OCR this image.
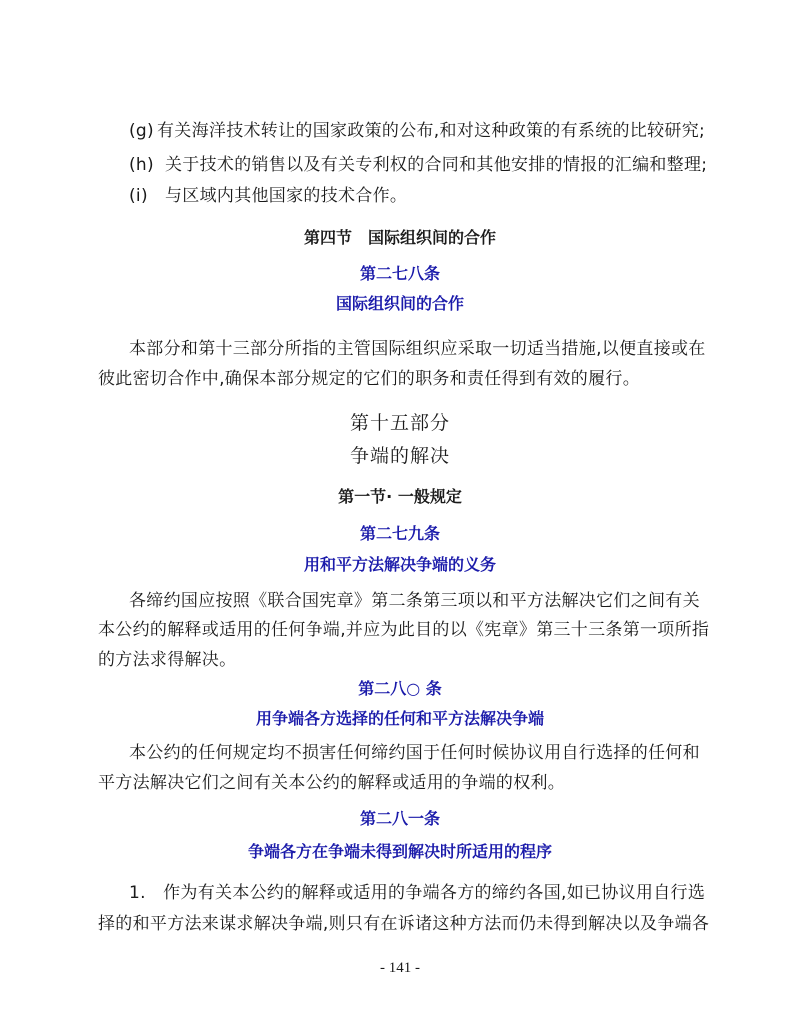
(g) 有关海洋技术转让的国家政策的公布,和对这种政策的有系统的比较研究;
(h) 关于技术的销售以及有关专利权的合同和其他安排的情报的汇编和整理;
(i) 与区域内其他国家的技术合作。
第四节　国际组织间的合作
第二七八条
国际组织间的合作
本部分和第十三部分所指的主管国际组织应采取一切适当措施,以便直接或在
彼此密切合作中,确保本部分规定的它们的职务和责任得到有效的履行。
第十五部分
争端的解决
第一节· 一般规定
第二七九条
用和平方法解决争端的义务
各缔约国应按照《联合国宪章》第二条第三项以和平方法解决它们之间有关
本公约的解释或适用的任何争端,并应为此目的以《宪章》第三十三条第一项所指
的方法求得解决。
第二八○ 条
用争端各方选择的任何和平方法解决争端
本公约的任何规定均不损害任何缔约国于任何时候协议用自行选择的任何和
平方法解决它们之间有关本公约的解释或适用的争端的权利。
第二八一条
争端各方在争端未得到解决时所适用的程序
1.　作为有关本公约的解释或适用的争端各方的缔约各国,如已协议用自行选
择的和平方法来谋求解决争端,则只有在诉诸这种方法而仍未得到解决以及争端各
- 141 -
